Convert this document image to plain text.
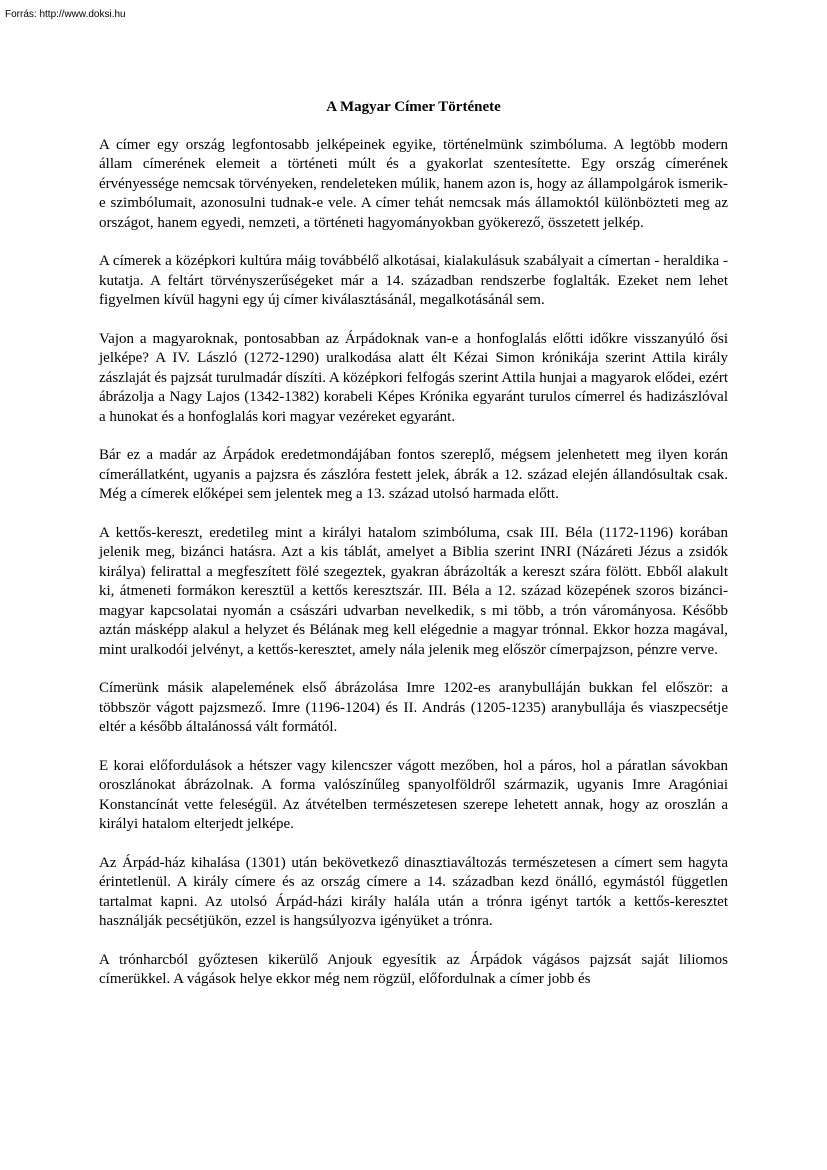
Forrás: http://www.doksi.hu
A Magyar Címer Története

A címer egy ország legfontosabb jelképeinek egyike, történelmünk szimbóluma. A legtöbb modern állam címerének elemeit a történeti múlt és a gyakorlat szentesítette. Egy ország címerének érvényessége nemcsak törvényeken, rendeleteken múlik, hanem azon is, hogy az állampolgárok ismerik-e szimbólumait, azonosulni tudnak-e vele. A címer tehát nemcsak más államoktól különbözteti meg az országot, hanem egyedi, nemzeti, a történeti hagyományokban gyökerező, összetett jelkép.

A címerek a középkori kultúra máig továbbélő alkotásai, kialakulásuk szabályait a címertan - heraldika - kutatja. A feltárt törvényszerűségeket már a 14. században rendszerbe foglalták. Ezeket nem lehet figyelmen kívül hagyni egy új címer kiválasztásánál, megalkotásánál sem.

Vajon a magyaroknak, pontosabban az Árpádoknak van-e a honfoglalás előtti időkre visszanyúló ősi jelképe? A IV. László (1272-1290) uralkodása alatt élt Kézai Simon krónikája szerint Attila király zászlaját és pajzsát turulmadár díszíti. A középkori felfogás szerint Attila hunjai a magyarok elődei, ezért ábrázolja a Nagy Lajos (1342-1382) korabeli Képes Krónika egyaránt turulos címerrel és hadizászlóval a hunokat és a honfoglalás kori magyar vezéreket egyaránt.

Bár ez a madár az Árpádok eredetmondájában fontos szereplő, mégsem jelenhetett meg ilyen korán címerállatként, ugyanis a pajzsra és zászlóra festett jelek, ábrák a 12. század elején állandósultak csak. Még a címerek előképei sem jelentek meg a 13. század utolsó harmada előtt.

A kettős-kereszt, eredetileg mint a királyi hatalom szimbóluma, csak III. Béla (1172-1196) korában jelenik meg, bizánci hatásra. Azt a kis táblát, amelyet a Biblia szerint INRI (Názáreti Jézus a zsidók királya) felirattal a megfeszített fölé szegeztek, gyakran ábrázolták a kereszt szára fölött. Ebből alakult ki, átmeneti formákon keresztül a kettős keresztszár. III. Béla a 12. század közepének szoros bizánci-magyar kapcsolatai nyomán a császári udvarban nevelkedik, s mi több, a trón várományosa. Később aztán másképp alakul a helyzet és Bélának meg kell elégednie a magyar trónnal. Ekkor hozza magával, mint uralkodói jelvényt, a kettős-keresztet, amely nála jelenik meg először címerpajzson, pénzre verve.

Címerünk másik alapelemének első ábrázolása Imre 1202-es aranybulláján bukkan fel először: a többször vágott pajzsmező. Imre (1196-1204) és II. András (1205-1235) aranybullája és viaszpecsétje eltér a később általánossá vált formától.

E korai előfordulások a hétszer vagy kilencszer vágott mezőben, hol a páros, hol a páratlan sávokban oroszlánokat ábrázolnak. A forma valószínűleg spanyolföldről származik, ugyanis Imre Aragóniai Konstancínát vette feleségül. Az átvételben természetesen szerepe lehetett annak, hogy az oroszlán a királyi hatalom elterjedt jelképe.

Az Árpád-ház kihalása (1301) után bekövetkező dinasztiaváltozás természetesen a címert sem hagyta érintetlenül. A király címere és az ország címere a 14. században kezd önálló, egymástól független tartalmat kapni. Az utolsó Árpád-házi király halála után a trónra igényt tartók a kettős-keresztet használják pecsétjükön, ezzel is hangsúlyozva igényüket a trónra.

A trónharcból győztesen kikerülő Anjouk egyesítik az Árpádok vágásos pajzsát saját liliomos címerükkel. A vágások helye ekkor még nem rögzül, előfordulnak a címer jobb és
